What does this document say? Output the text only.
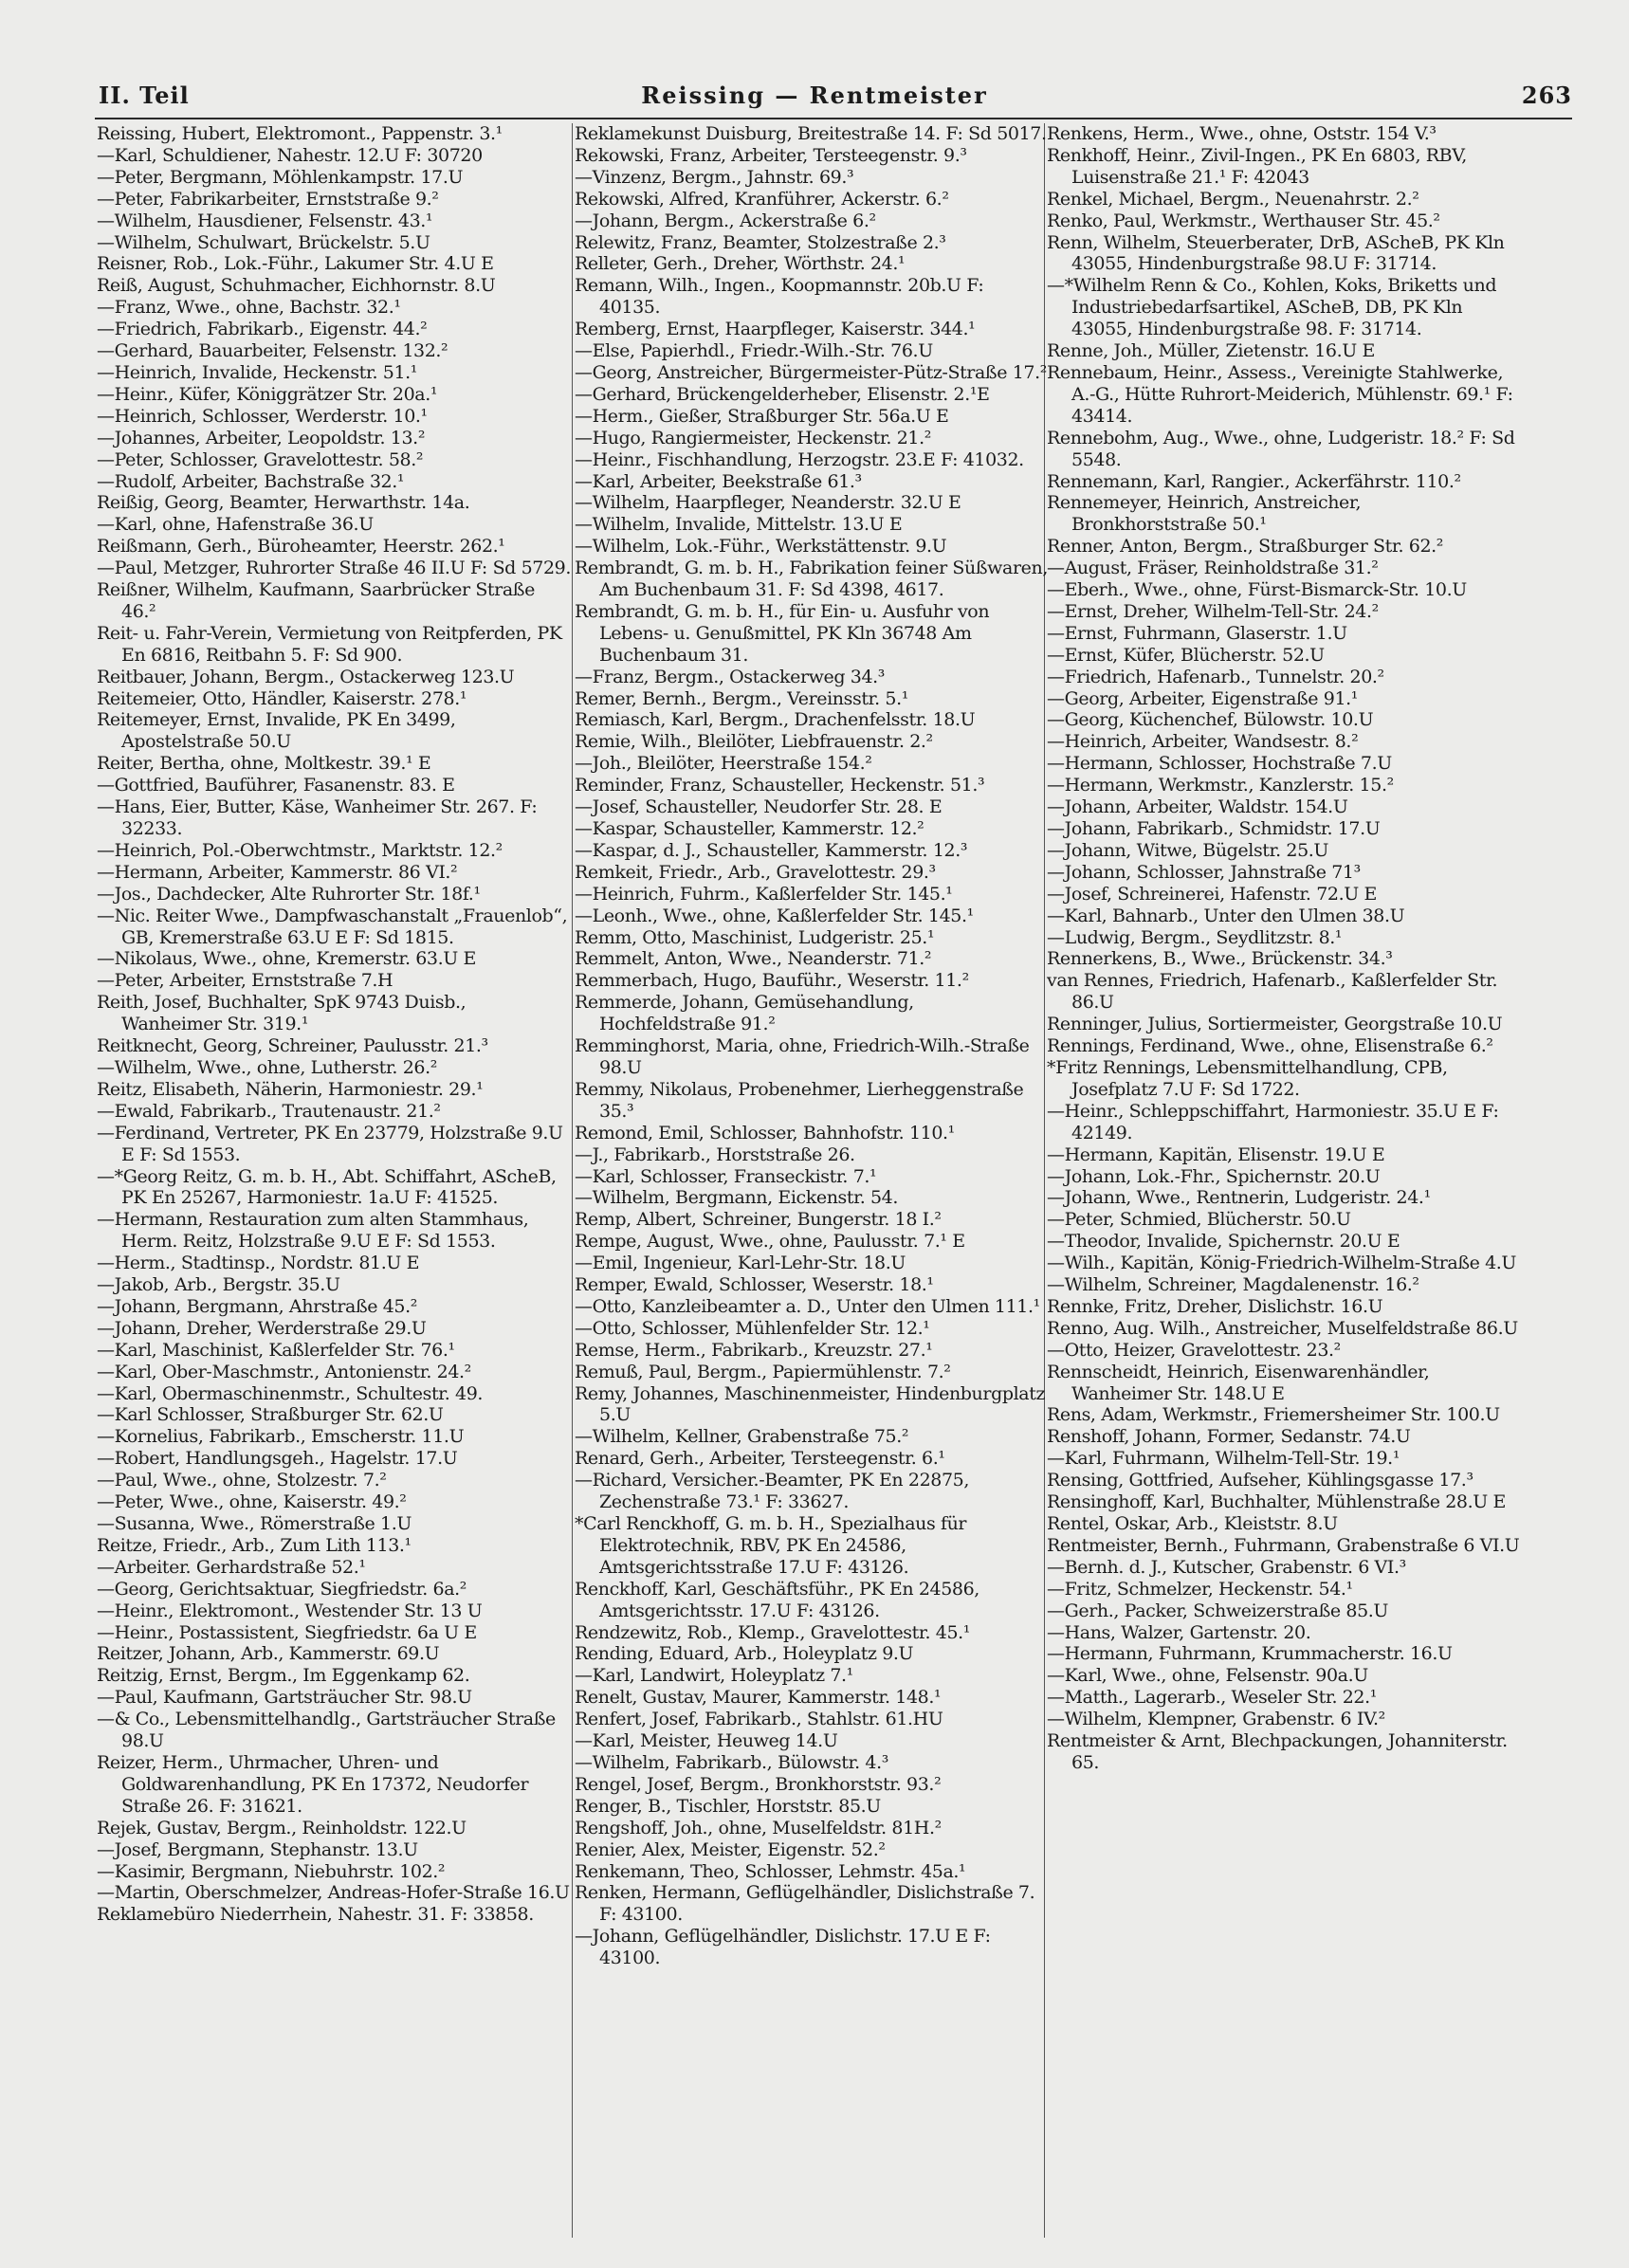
II. Teil	Reissing — Rentmeister	263
Reissing, Hubert, Elektromont., Pappenstr. 3.¹
—Karl, Schuldiener, Nahestr. 12.U F: 30720
—Peter, Bergmann, Möhlenkampstr. 17.U
—Peter, Fabrikarbeiter, Ernststraße 9.²
—Wilhelm, Hausdiener, Felsenstr. 43.¹
—Wilhelm, Schulwart, Brückelstr. 5.U
Reisner, Rob., Lok.-Führ., Lakumer Str. 4.U E
Reiß, August, Schuhmacher, Eichhornstr. 8.U
—Franz, Wwe., ohne, Bachstr. 32.¹
—Friedrich, Fabrikarb., Eigenstr. 44.²
—Gerhard, Bauarbeiter, Felsenstr. 132.²
—Heinrich, Invalide, Heckenstr. 51.¹
—Heinr., Küfer, Königgrätzer Str. 20a.¹
—Heinrich, Schlosser, Werderstr. 10.¹
—Johannes, Arbeiter, Leopoldstr. 13.²
—Peter, Schlosser, Gravelottestr. 58.²
—Rudolf, Arbeiter, Bachstraße 32.¹
Reißig, Georg, Beamter, Herwarthstr. 14a.
—Karl, ohne, Hafenstraße 36.U
Reißmann, Gerh., Büroheamter, Heerstr. 262.¹
—Paul, Metzger, Ruhrorter Straße 46 II.U F: Sd 5729.
Reißner, Wilhelm, Kaufmann, Saarbrücker Straße 46.²
Reit- u. Fahr-Verein, Vermietung von Reitpferden, PK En 6816, Reitbahn 5. F: Sd 900.
Reitbauer, Johann, Bergm., Ostackerweg 123.U
Reitemeier, Otto, Händler, Kaiserstr. 278.¹
Reitemeyer, Ernst, Invalide, PK En 3499, Apostelstraße 50.U
Reiter, Bertha, ohne, Moltkestr. 39.¹ E
—Gottfried, Bauführer, Fasanenstr. 83. E
—Hans, Eier, Butter, Käse, Wanheimer Str. 267. F: 32233.
—Heinrich, Pol.-Oberwchtmstr., Marktstr. 12.²
—Hermann, Arbeiter, Kammerstr. 86 VI.²
—Jos., Dachdecker, Alte Ruhrorter Str. 18f.¹
—Nic. Reiter Wwe., Dampfwaschanstalt „Frauenlob“, GB, Kremerstraße 63.U E F: Sd 1815.
—Nikolaus, Wwe., ohne, Kremerstr. 63.U E
—Peter, Arbeiter, Ernststraße 7.H
Reith, Josef, Buchhalter, SpK 9743 Duisb., Wanheimer Str. 319.¹
Reitknecht, Georg, Schreiner, Paulusstr. 21.³
—Wilhelm, Wwe., ohne, Lutherstr. 26.²
Reitz, Elisabeth, Näherin, Harmoniestr. 29.¹
—Ewald, Fabrikarb., Trautenaustr. 21.²
—Ferdinand, Vertreter, PK En 23779, Holzstraße 9.U E F: Sd 1553.
—*Georg Reitz, G. m. b. H., Abt. Schiffahrt, AScheB, PK En 25267, Harmoniestr. 1a.U F: 41525.
—Hermann, Restauration zum alten Stammhaus, Herm. Reitz, Holzstraße 9.U E F: Sd 1553.
—Herm., Stadtinsp., Nordstr. 81.U E
—Jakob, Arb., Bergstr. 35.U
—Johann, Bergmann, Ahrstraße 45.²
—Johann, Dreher, Werderstraße 29.U
—Karl, Maschinist, Kaßlerfelder Str. 76.¹
—Karl, Ober-Maschmstr., Antonienstr. 24.²
—Karl, Obermaschinenmstr., Schultestr. 49.
—Karl Schlosser, Straßburger Str. 62.U
—Kornelius, Fabrikarb., Emscherstr. 11.U
—Robert, Handlungsgeh., Hagelstr. 17.U
—Paul, Wwe., ohne, Stolzestr. 7.²
—Peter, Wwe., ohne, Kaiserstr. 49.²
—Susanna, Wwe., Römerstraße 1.U
Reitze, Friedr., Arb., Zum Lith 113.¹
—Arbeiter. Gerhardstraße 52.¹
—Georg, Gerichtsaktuar, Siegfriedstr. 6a.²
—Heinr., Elektromont., Westender Str. 13 U
—Heinr., Postassistent, Siegfriedstr. 6a U E
Reitzer, Johann, Arb., Kammerstr. 69.U
Reitzig, Ernst, Bergm., Im Eggenkamp 62.
—Paul, Kaufmann, Gartsträucher Str. 98.U
—& Co., Lebensmittelhandlg., Gartsträucher Straße 98.U
Reizer, Herm., Uhrmacher, Uhren- und Goldwarenhandlung, PK En 17372, Neudorfer Straße 26. F: 31621.
Rejek, Gustav, Bergm., Reinholdstr. 122.U
—Josef, Bergmann, Stephanstr. 13.U
—Kasimir, Bergmann, Niebuhrstr. 102.²
—Martin, Oberschmelzer, Andreas-Hofer-Straße 16.U
Reklamebüro Niederrhein, Nahestr. 31. F: 33858.
Reklamekunst Duisburg, Breitestraße 14. F: Sd 5017.
Rekowski, Franz, Arbeiter, Tersteegenstr. 9.³
—Vinzenz, Bergm., Jahnstr. 69.³
Rekowski, Alfred, Kranführer, Ackerstr. 6.²
—Johann, Bergm., Ackerstraße 6.²
Relewitz, Franz, Beamter, Stolzestraße 2.³
Relleter, Gerh., Dreher, Wörthstr. 24.¹
Remann, Wilh., Ingen., Koopmannstr. 20b.U F: 40135.
Remberg, Ernst, Haarpfleger, Kaiserstr. 344.¹
—Else, Papierhdl., Friedr.-Wilh.-Str. 76.U
—Georg, Anstreicher, Bürgermeister-Pütz-Straße 17.²
—Gerhard, Brückengelderheber, Elisenstr. 2.¹E
—Herm., Gießer, Straßburger Str. 56a.U E
—Hugo, Rangiermeister, Heckenstr. 21.²
—Heinr., Fischhandlung, Herzogstr. 23.E F: 41032.
—Karl, Arbeiter, Beekstraße 61.³
—Wilhelm, Haarpfleger, Neanderstr. 32.U E
—Wilhelm, Invalide, Mittelstr. 13.U E
—Wilhelm, Lok.-Führ., Werkstättenstr. 9.U
Rembrandt, G. m. b. H., Fabrikation feiner Süßwaren, Am Buchenbaum 31. F: Sd 4398, 4617.
Rembrandt, G. m. b. H., für Ein- u. Ausfuhr von Lebens- u. Genußmittel, PK Kln 36748 Am Buchenbaum 31.
—Franz, Bergm., Ostackerweg 34.³
Remer, Bernh., Bergm., Vereinsstr. 5.¹
Remiasch, Karl, Bergm., Drachenfelsstr. 18.U
Remie, Wilh., Bleilöter, Liebfrauenstr. 2.²
—Joh., Bleilöter, Heerstraße 154.²
Reminder, Franz, Schausteller, Heckenstr. 51.³
—Josef, Schausteller, Neudorfer Str. 28. E
—Kaspar, Schausteller, Kammerstr. 12.²
—Kaspar, d. J., Schausteller, Kammerstr. 12.³
Remkeit, Friedr., Arb., Gravelottestr. 29.³
—Heinrich, Fuhrm., Kaßlerfelder Str. 145.¹
—Leonh., Wwe., ohne, Kaßlerfelder Str. 145.¹
Remm, Otto, Maschinist, Ludgeristr. 25.¹
Remmelt, Anton, Wwe., Neanderstr. 71.²
Remmerbach, Hugo, Bauführ., Weserstr. 11.²
Remmerde, Johann, Gemüsehandlung, Hochfeldstraße 91.²
Remminghorst, Maria, ohne, Friedrich-Wilh.-Straße 98.U
Remmy, Nikolaus, Probenehmer, Lierheggenstraße 35.³
Remond, Emil, Schlosser, Bahnhofstr. 110.¹
—J., Fabrikarb., Horststraße 26.
—Karl, Schlosser, Franseckistr. 7.¹
—Wilhelm, Bergmann, Eickenstr. 54.
Remp, Albert, Schreiner, Bungerstr. 18 I.²
Rempe, August, Wwe., ohne, Paulusstr. 7.¹ E
—Emil, Ingenieur, Karl-Lehr-Str. 18.U
Remper, Ewald, Schlosser, Weserstr. 18.¹
—Otto, Kanzleibeamter a. D., Unter den Ulmen 111.¹
—Otto, Schlosser, Mühlenfelder Str. 12.¹
Remse, Herm., Fabrikarb., Kreuzstr. 27.¹
Remuß, Paul, Bergm., Papiermühlenstr. 7.²
Remy, Johannes, Maschinenmeister, Hindenburgplatz 5.U
—Wilhelm, Kellner, Grabenstraße 75.²
Renard, Gerh., Arbeiter, Tersteegenstr. 6.¹
—Richard, Versicher.-Beamter, PK En 22875, Zechenstraße 73.¹ F: 33627.
*Carl Renckhoff, G. m. b. H., Spezialhaus für Elektrotechnik, RBV, PK En 24586, Amtsgerichtsstraße 17.U F: 43126.
Renckhoff, Karl, Geschäftsführ., PK En 24586, Amtsgerichtsstr. 17.U F: 43126.
Rendzewitz, Rob., Klemp., Gravelottestr. 45.¹
Rending, Eduard, Arb., Holeyplatz 9.U
—Karl, Landwirt, Holeyplatz 7.¹
Renelt, Gustav, Maurer, Kammerstr. 148.¹
Renfert, Josef, Fabrikarb., Stahlstr. 61.HU
—Karl, Meister, Heuweg 14.U
—Wilhelm, Fabrikarb., Bülowstr. 4.³
Rengel, Josef, Bergm., Bronkhorststr. 93.²
Renger, B., Tischler, Horststr. 85.U
Rengshoff, Joh., ohne, Muselfeldstr. 81H.²
Renier, Alex, Meister, Eigenstr. 52.²
Renkemann, Theo, Schlosser, Lehmstr. 45a.¹
Renken, Hermann, Geflügelhändler, Dislichstraße 7. F: 43100.
—Johann, Geflügelhändler, Dislichstr. 17.U E F: 43100.
Renkens, Herm., Wwe., ohne, Oststr. 154 V.³
Renkhoff, Heinr., Zivil-Ingen., PK En 6803, RBV, Luisenstraße 21.¹ F: 42043
Renkel, Michael, Bergm., Neuenahrstr. 2.²
Renko, Paul, Werkmstr., Werthauser Str. 45.²
Renn, Wilhelm, Steuerberater, DrB, AScheB, PK Kln 43055, Hindenburgstraße 98.U F: 31714.
—*Wilhelm Renn & Co., Kohlen, Koks, Briketts und Industriebedarfsartikel, AScheB, DB, PK Kln 43055, Hindenburgstraße 98. F: 31714.
Renne, Joh., Müller, Zietenstr. 16.U E
Rennebaum, Heinr., Assess., Vereinigte Stahlwerke, A.-G., Hütte Ruhrort-Meiderich, Mühlenstr. 69.¹ F: 43414.
Rennebohm, Aug., Wwe., ohne, Ludgeristr. 18.² F: Sd 5548.
Rennemann, Karl, Rangier., Ackerfährstr. 110.²
Rennemeyer, Heinrich, Anstreicher, Bronkhorststraße 50.¹
Renner, Anton, Bergm., Straßburger Str. 62.²
—August, Fräser, Reinholdstraße 31.²
—Eberh., Wwe., ohne, Fürst-Bismarck-Str. 10.U
—Ernst, Dreher, Wilhelm-Tell-Str. 24.²
—Ernst, Fuhrmann, Glaserstr. 1.U
—Ernst, Küfer, Blücherstr. 52.U
—Friedrich, Hafenarb., Tunnelstr. 20.²
—Georg, Arbeiter, Eigenstraße 91.¹
—Georg, Küchenchef, Bülowstr. 10.U
—Heinrich, Arbeiter, Wandsestr. 8.²
—Hermann, Schlosser, Hochstraße 7.U
—Hermann, Werkmstr., Kanzlerstr. 15.²
—Johann, Arbeiter, Waldstr. 154.U
—Johann, Fabrikarb., Schmidstr. 17.U
—Johann, Witwe, Bügelstr. 25.U
—Johann, Schlosser, Jahnstraße 71³
—Josef, Schreinerei, Hafenstr. 72.U E
—Karl, Bahnarb., Unter den Ulmen 38.U
—Ludwig, Bergm., Seydlitzstr. 8.¹
Rennerkens, B., Wwe., Brückenstr. 34.³
van Rennes, Friedrich, Hafenarb., Kaßlerfelder Str. 86.U
Renninger, Julius, Sortiermeister, Georgstraße 10.U
Rennings, Ferdinand, Wwe., ohne, Elisenstraße 6.²
*Fritz Rennings, Lebensmittelhandlung, CPB, Josefplatz 7.U F: Sd 1722.
—Heinr., Schleppschiffahrt, Harmoniestr. 35.U E F: 42149.
—Hermann, Kapitän, Elisenstr. 19.U E
—Johann, Lok.-Fhr., Spichernstr. 20.U
—Johann, Wwe., Rentnerin, Ludgeristr. 24.¹
—Peter, Schmied, Blücherstr. 50.U
—Theodor, Invalide, Spichernstr. 20.U E
—Wilh., Kapitän, König-Friedrich-Wilhelm-Straße 4.U
—Wilhelm, Schreiner, Magdalenenstr. 16.²
Rennke, Fritz, Dreher, Dislichstr. 16.U
Renno, Aug. Wilh., Anstreicher, Muselfeldstraße 86.U
—Otto, Heizer, Gravelottestr. 23.²
Rennscheidt, Heinrich, Eisenwarenhändler, Wanheimer Str. 148.U E
Rens, Adam, Werkmstr., Friemersheimer Str. 100.U
Renshoff, Johann, Former, Sedanstr. 74.U
—Karl, Fuhrmann, Wilhelm-Tell-Str. 19.¹
Rensing, Gottfried, Aufseher, Kühlingsgasse 17.³
Rensinghoff, Karl, Buchhalter, Mühlenstraße 28.U E
Rentel, Oskar, Arb., Kleiststr. 8.U
Rentmeister, Bernh., Fuhrmann, Grabenstraße 6 VI.U
—Bernh. d. J., Kutscher, Grabenstr. 6 VI.³
—Fritz, Schmelzer, Heckenstr. 54.¹
—Gerh., Packer, Schweizerstraße 85.U
—Hans, Walzer, Gartenstr. 20.
—Hermann, Fuhrmann, Krummacherstr. 16.U
—Karl, Wwe., ohne, Felsenstr. 90a.U
—Matth., Lagerarb., Weseler Str. 22.¹
—Wilhelm, Klempner, Grabenstr. 6 IV.²
Rentmeister & Arnt, Blechpackungen, Johanniterstr. 65.
